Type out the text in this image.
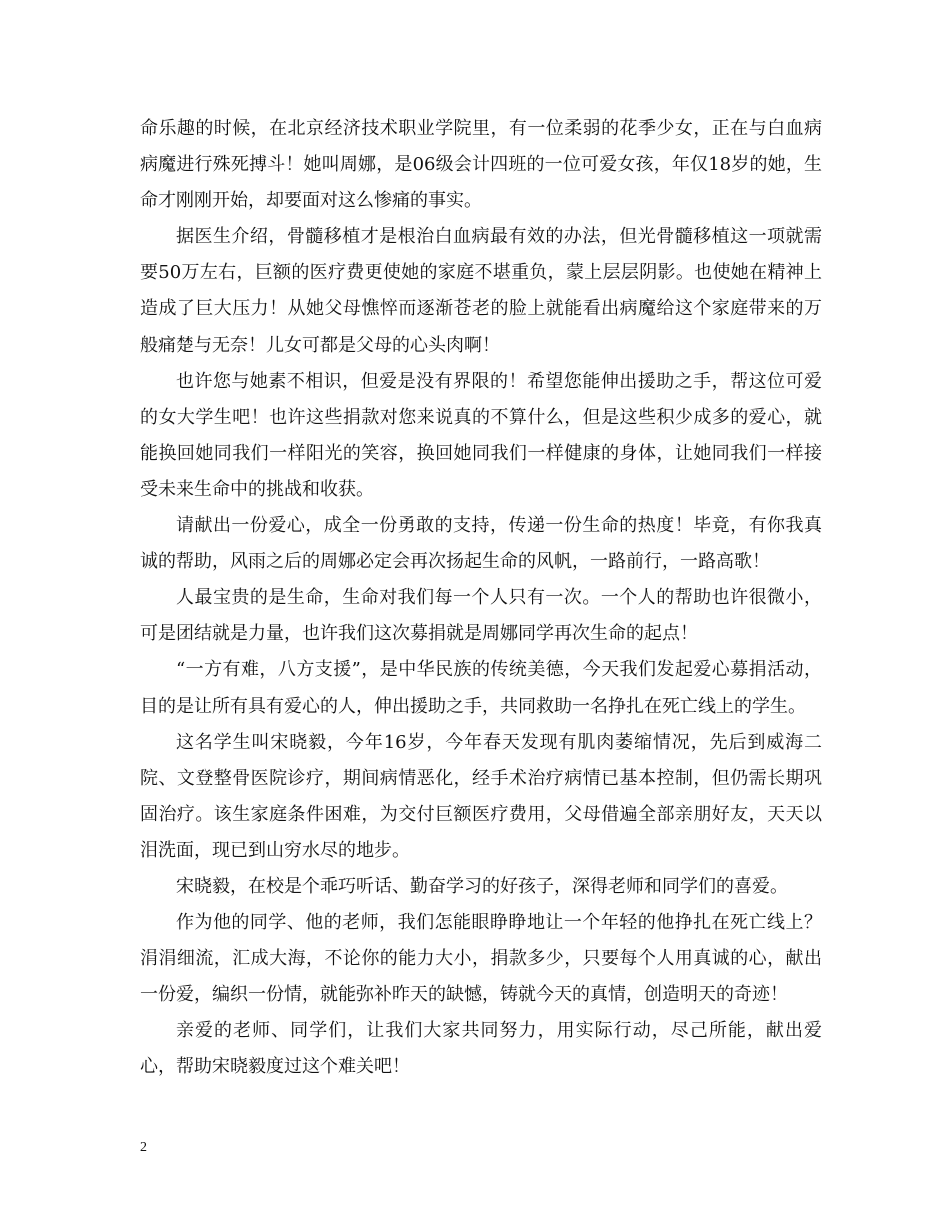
命乐趣的时候，在北京经济技术职业学院里，有一位柔弱的花季少女，正在与白血病病魔进行殊死搏斗！她叫周娜，是06级会计四班的一位可爱女孩，年仅18岁的她，生命才刚刚开始，却要面对这么惨痛的事实。

据医生介绍，骨髓移植才是根治白血病最有效的办法，但光骨髓移植这一项就需要50万左右，巨额的医疗费更使她的家庭不堪重负，蒙上层层阴影。也使她在精神上造成了巨大压力！从她父母憔悴而逐渐苍老的脸上就能看出病魔给这个家庭带来的万般痛楚与无奈！儿女可都是父母的心头肉啊！

也许您与她素不相识，但爱是没有界限的！希望您能伸出援助之手，帮这位可爱的女大学生吧！也许这些捐款对您来说真的不算什么，但是这些积少成多的爱心，就能换回她同我们一样阳光的笑容，换回她同我们一样健康的身体，让她同我们一样接受未来生命中的挑战和收获。

请献出一份爱心，成全一份勇敢的支持，传递一份生命的热度！毕竟，有你我真诚的帮助，风雨之后的周娜必定会再次扬起生命的风帆，一路前行，一路高歌！

人最宝贵的是生命，生命对我们每一个人只有一次。一个人的帮助也许很微小，可是团结就是力量，也许我们这次募捐就是周娜同学再次生命的起点！

“一方有难，八方支援”，是中华民族的传统美德，今天我们发起爱心募捐活动，目的是让所有具有爱心的人，伸出援助之手，共同救助一名挣扎在死亡线上的学生。

这名学生叫宋晓毅，今年16岁，今年春天发现有肌肉萎缩情况，先后到威海二院、文登整骨医院诊疗，期间病情恶化，经手术治疗病情已基本控制，但仍需长期巩固治疗。该生家庭条件困难，为交付巨额医疗费用，父母借遍全部亲朋好友，天天以泪洗面，现已到山穷水尽的地步。

宋晓毅，在校是个乖巧听话、勤奋学习的好孩子，深得老师和同学们的喜爱。

作为他的同学、他的老师，我们怎能眼睁睁地让一个年轻的他挣扎在死亡线上？涓涓细流，汇成大海，不论你的能力大小，捐款多少，只要每个人用真诚的心，献出一份爱，编织一份情，就能弥补昨天的缺憾，铸就今天的真情，创造明天的奇迹！

亲爱的老师、同学们，让我们大家共同努力，用实际行动，尽己所能，献出爱心，帮助宋晓毅度过这个难关吧！

2
